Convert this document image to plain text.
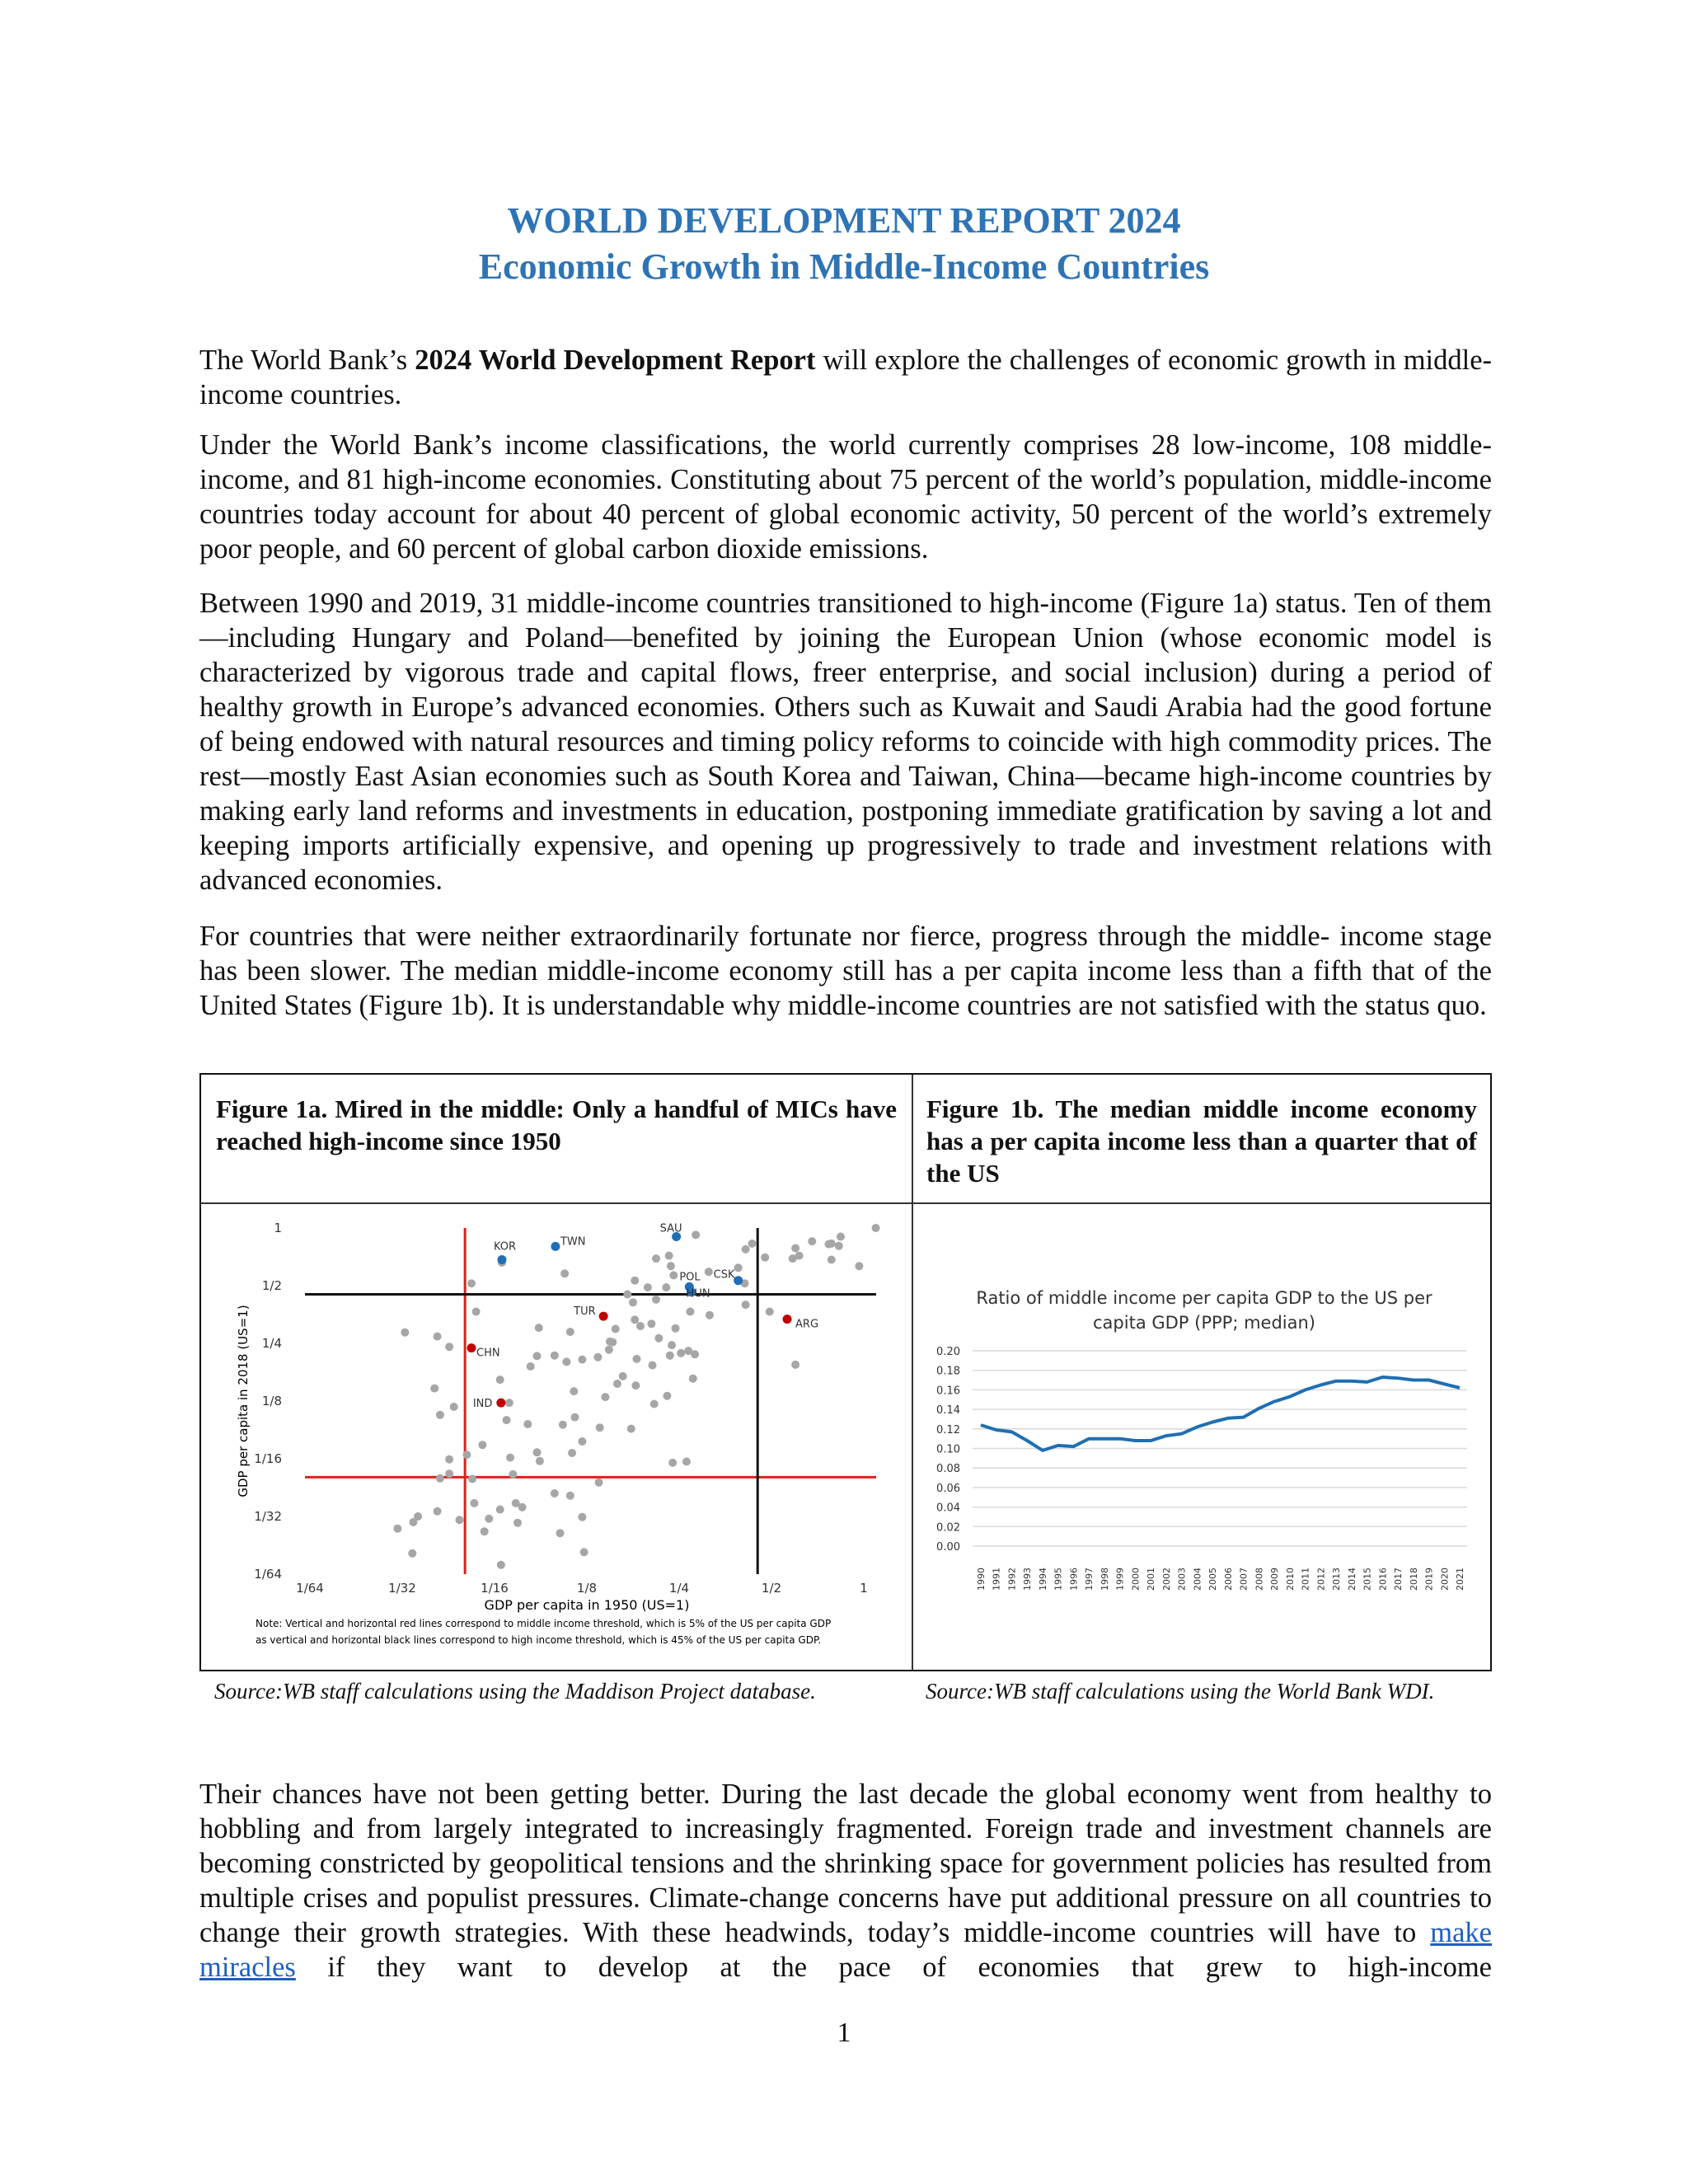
WORLD DEVELOPMENT REPORT 2024
Economic Growth in Middle-Income Countries

The World Bank’s 2024 World Development Report will explore the challenges of economic growth in middle-income countries.

Under the World Bank’s income classifications, the world currently comprises 28 low-income, 108 middle-income, and 81 high-income economies. Constituting about 75 percent of the world’s population, middle-income countries today account for about 40 percent of global economic activity, 50 percent of the world’s extremely poor people, and 60 percent of global carbon dioxide emissions.

Between 1990 and 2019, 31 middle-income countries transitioned to high-income (Figure 1a) status. Ten of them—including Hungary and Poland—benefited by joining the European Union (whose economic model is characterized by vigorous trade and capital flows, freer enterprise, and social inclusion) during a period of healthy growth in Europe’s advanced economies. Others such as Kuwait and Saudi Arabia had the good fortune of being endowed with natural resources and timing policy reforms to coincide with high commodity prices. The rest—mostly East Asian economies such as South Korea and Taiwan, China—became high-income countries by making early land reforms and investments in education, postponing immediate gratification by saving a lot and keeping imports artificially expensive, and opening up progressively to trade and investment relations with advanced economies.

For countries that were neither extraordinarily fortunate nor fierce, progress through the middle- income stage has been slower. The median middle-income economy still has a per capita income less than a fifth that of the United States (Figure 1b). It is understandable why middle-income countries are not satisfied with the status quo.

Figure 1a. Mired in the middle: Only a handful of MICs have reached high-income since 1950
Figure 1b. The median middle income economy has a per capita income less than a quarter that of the US
GDP per capita in 2018 (US=1)
GDP per capita in 1950 (US=1)
Note: Vertical and horizontal red lines correspond to middle income threshold, which is 5% of the US per capita GDP
as vertical and horizontal black lines correspond to high income threshold, which is 45% of the US per capita GDP.
1/64	1/32	1/16	1/8	1/4	1/2	1
1
1/2
1/4
1/8
1/16
1/32
1/64
KOR	TWN
SAU
POL
HUN
CSK
TUR
ARG
CHN
IND
Ratio of middle income per capita GDP to the US per
capita GDP (PPP; median)
0.00
0.02
0.04
0.06
0.08
0.10
0.12
0.14
0.16
0.18
0.20
1990 1991 1992 1993 1994 1995 1996 1997 1998 1999 2000 2001 2002 2003 2004 2005 2006 2007 2008 2009 2010 2011 2012 2013 2014 2015 2016 2017 2018 2019 2020 2021
Source:WB staff calculations using the Maddison Project database.	Source:WB staff calculations using the World Bank WDI.

Their chances have not been getting better. During the last decade the global economy went from healthy to hobbling and from largely integrated to increasingly fragmented. Foreign trade and investment channels are becoming constricted by geopolitical tensions and the shrinking space for government policies has resulted from multiple crises and populist pressures. Climate-change concerns have put additional pressure on all countries to change their growth strategies. With these headwinds, today’s middle-income countries will have to make miracles if they want to develop at the pace of economies that grew to high-income

1
